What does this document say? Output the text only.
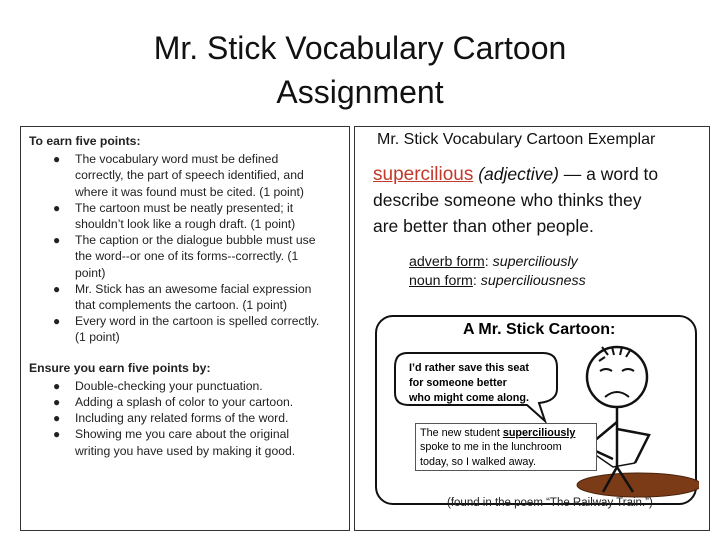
Mr. Stick Vocabulary Cartoon
Assignment

To earn five points:

● The vocabulary word must be defined
correctly, the part of speech identified, and
where it was found must be cited. (1 point)
● The cartoon must be neatly presented; it
shouldn’t look like a rough draft. (1 point)
● The caption or the dialogue bubble must use
the word--or one of its forms--correctly. (1
point)
● Mr. Stick has an awesome facial expression
that complements the cartoon. (1 point)
● Every word in the cartoon is spelled correctly.
(1 point)

Ensure you earn five points by:

● Double-checking your punctuation.
● Adding a splash of color to your cartoon.
● Including any related forms of the word.
● Showing me you care about the original
writing you have used by making it good.
Mr. Stick Vocabulary Cartoon Exemplar
supercilious (adjective) — a word to
describe someone who thinks they
are better than other people.
adverb form: superciliously
noun form: superciliousness
A Mr. Stick Cartoon:
I’d rather save this seat
for someone better
who might come along.
The new student superciliously
spoke to me in the lunchroom
today, so I walked away.
(found in the poem “The Railway Train.”)
